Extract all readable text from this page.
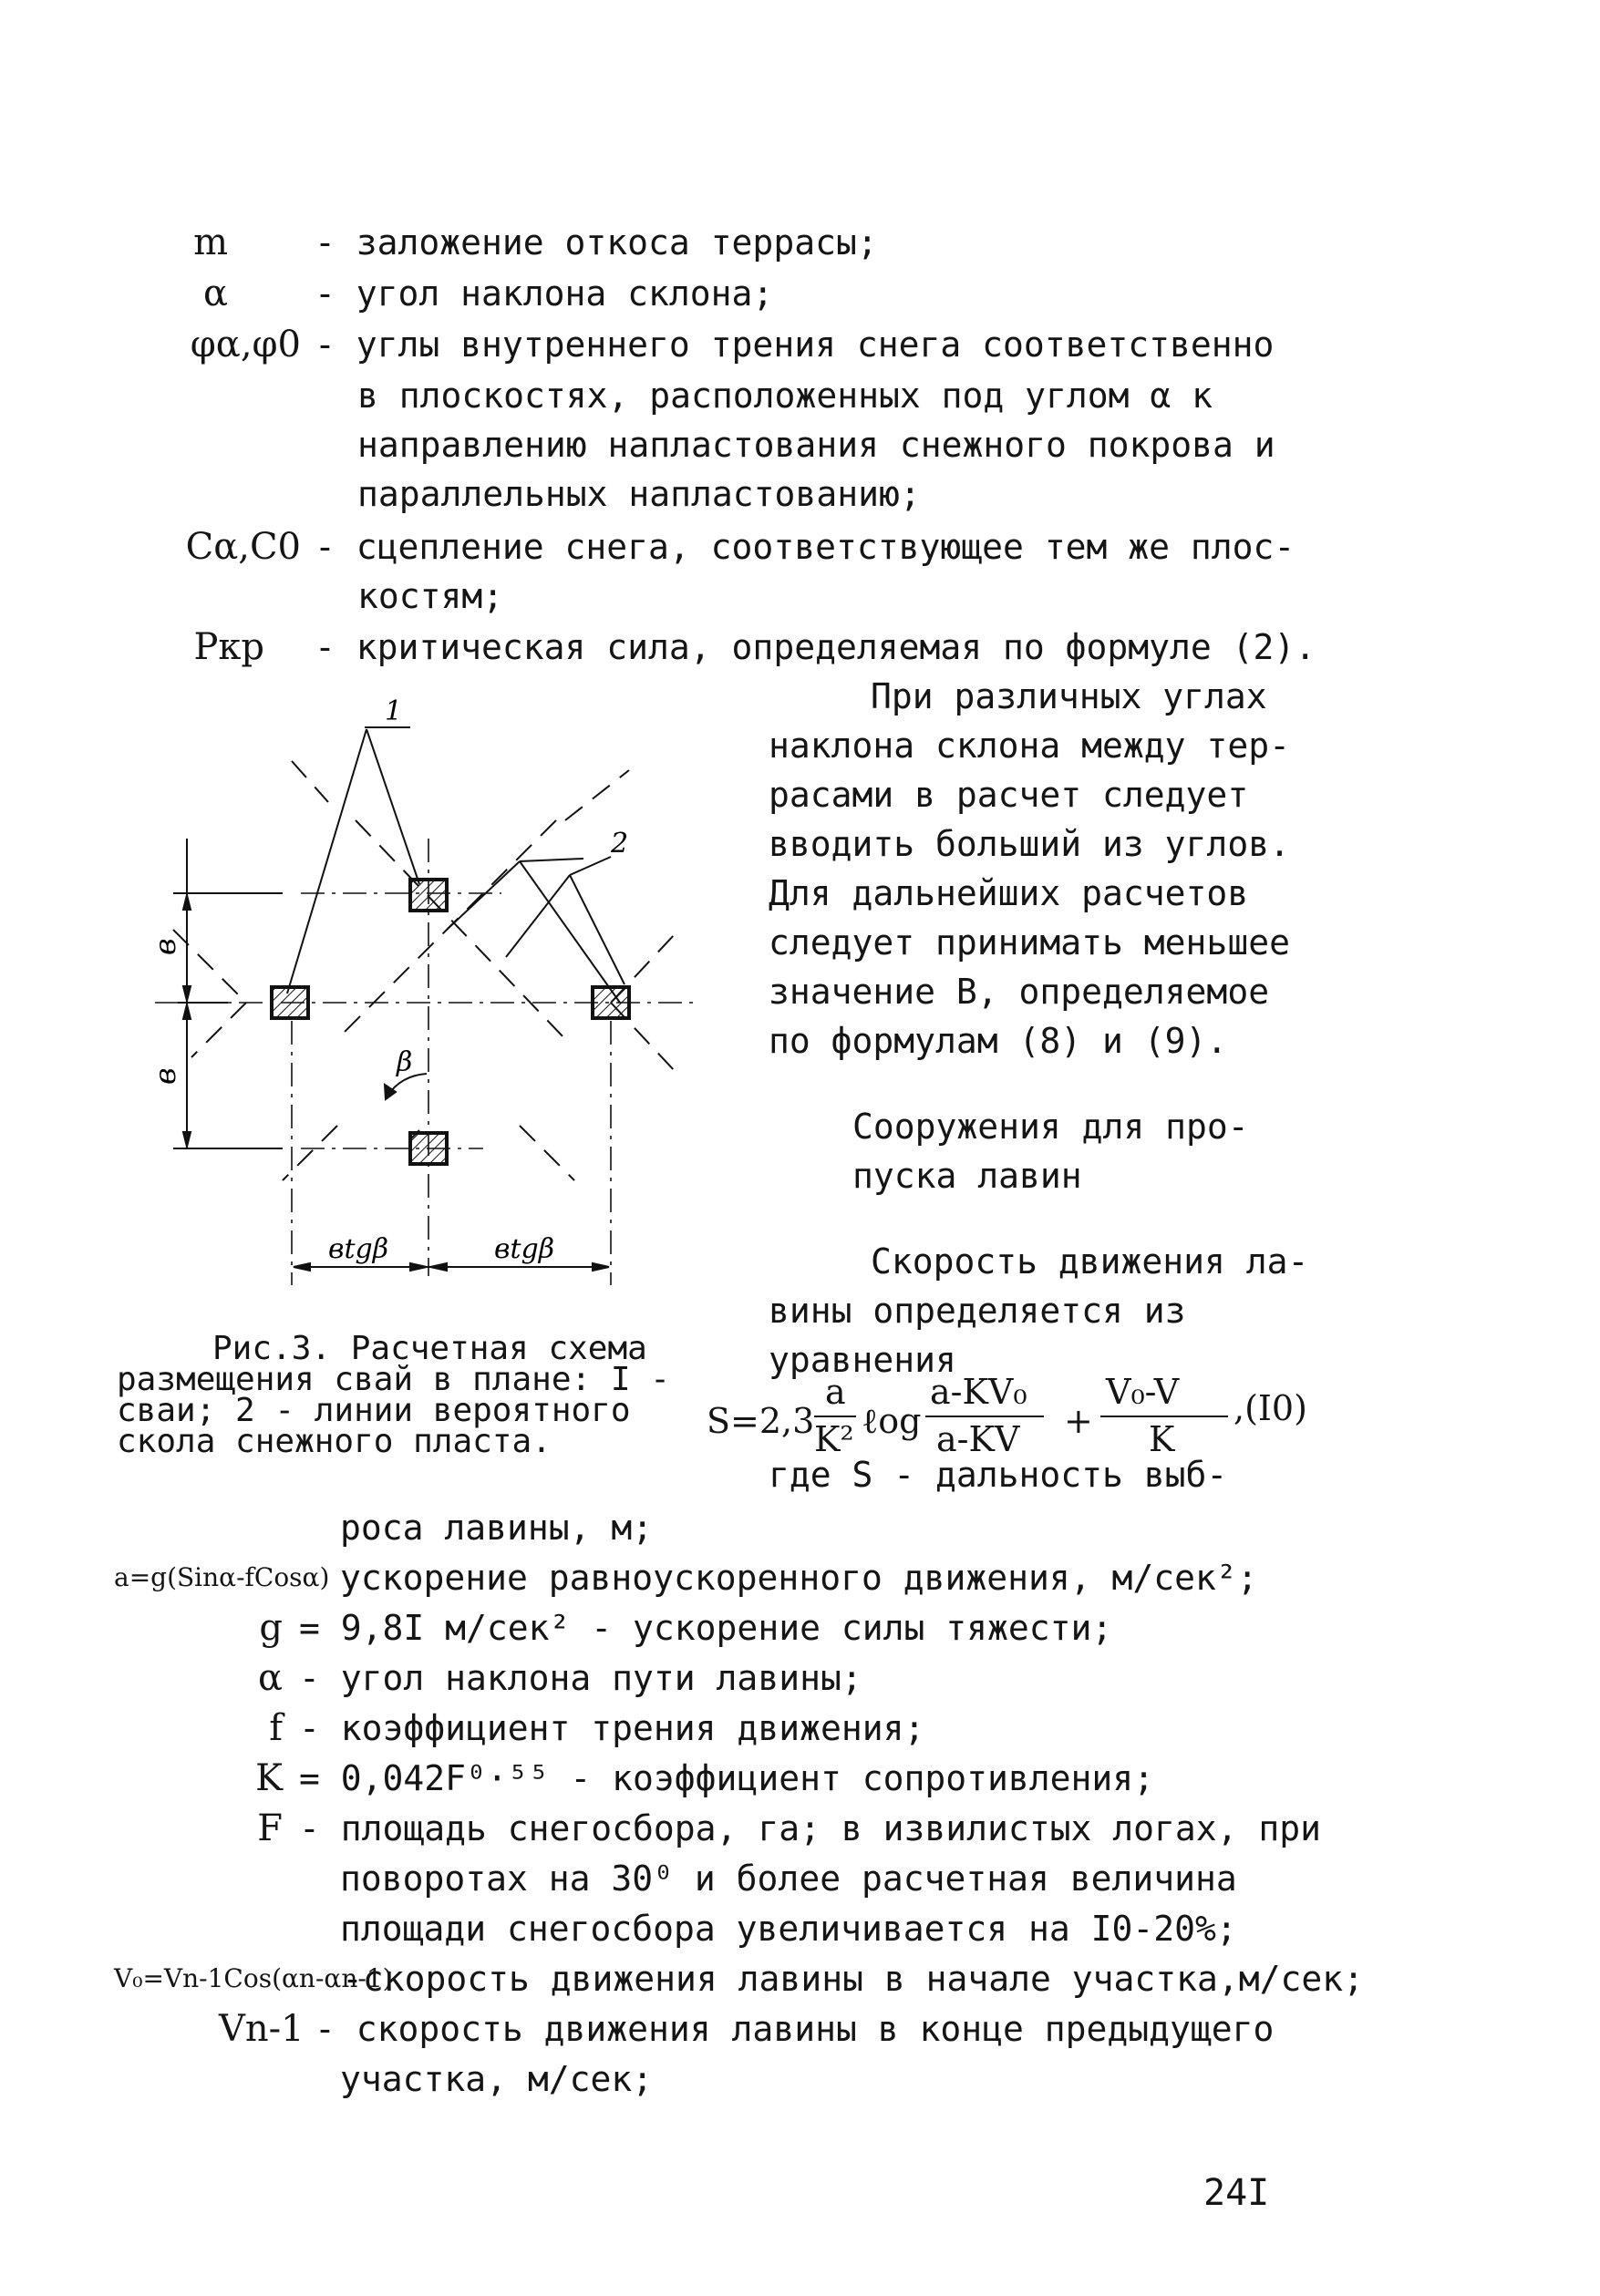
m	- заложение откоса террасы;
α	- угол наклона склона;
φα,φ0 - углы внутреннего трения снега соответственно
в плоскостях, расположенных под углом α к
направлению напластования снежного покрова и
параллельных напластованию;
Cα,C0 - сцепление снега, соответствующее тем же плос-
костям;
Pкр - критическая сила, определяемая по формуле (2).
При различных углах
наклона склона между тер-
расами в расчет следует
вводить больший из углов.
Для дальнейших расчетов
следует принимать меньшее
значение В, определяемое
по формулам (8) и (9).
Сооружения для про-
пуска лавин
Скорость движения ла-
вины определяется из
уравнения
1
2
в
в	β
вtgβ	вtgβ
Рис.3. Расчетная схема
размещения свай в плане: I -
сваи; 2 - линии вероятного
скола снежного пласта.
S=2,3
a
K² ℓog
a-KV₀
a-KV +
V₀-V
K
,(I0)
где S - дальность выб-
роса лавины, м;
a=g(Sinα-fCosα) ускорение равноускоренного движения, м/сек²;
g = 9,8I м/сек² - ускорение силы тяжести;
α - угол наклона пути лавины;
f - коэффициент трения движения;
K = 0,042F⁰·⁵⁵ - коэффициент сопротивления;
F - площадь снегосбора, га; в извилистых логах, при
поворотах на 30⁰ и более расчетная величина
площади снегосбора увеличивается на I0-20%;
V₀=Vn-1Cos(αn-αn-1)
-скорость движения лавины в начале участка,м/сек;
Vn-1 - скорость движения лавины в конце предыдущего
участка, м/сек;
24I
